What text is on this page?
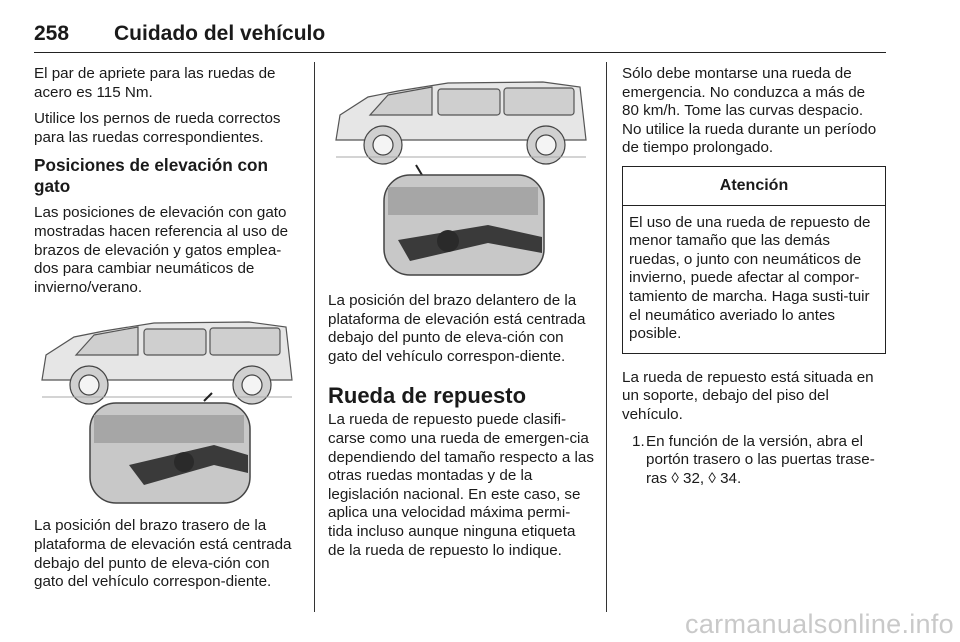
258 Cuidado del vehículo

El par de apriete para las ruedas de acero es 115 Nm.

Utilice los pernos de rueda correctos para las ruedas correspondientes.

Posiciones de elevación con gato

Las posiciones de elevación con gato mostradas hacen referencia al uso de brazos de elevación y gatos emplea‐dos para cambiar neumáticos de invierno/verano.

La posición del brazo trasero de la plataforma de elevación está centrada debajo del punto de eleva‐ción con gato del vehículo correspon‐diente.

La posición del brazo delantero de la plataforma de elevación está centrada debajo del punto de eleva‐ción con gato del vehículo correspon‐diente.

Rueda de repuesto

La rueda de repuesto puede clasifi‐carse como una rueda de emergen‐cia dependiendo del tamaño respecto a las otras ruedas montadas y de la legislación nacional. En este caso, se aplica una velocidad máxima permi‐tida incluso aunque ninguna etiqueta de la rueda de repuesto lo indique.

Sólo debe montarse una rueda de emergencia. No conduzca a más de 80 km/h. Tome las curvas despacio. No utilice la rueda durante un período de tiempo prolongado.

Atención
El uso de una rueda de repuesto de menor tamaño que las demás ruedas, o junto con neumáticos de invierno, puede afectar al compor‐tamiento de marcha. Haga susti‐tuir el neumático averiado lo antes posible.

La rueda de repuesto está situada en un soporte, debajo del piso del vehículo.

1. En función de la versión, abra el portón trasero o las puertas trase‐ras ◊ 32, ◊ 34.
carmanualsonline.info
